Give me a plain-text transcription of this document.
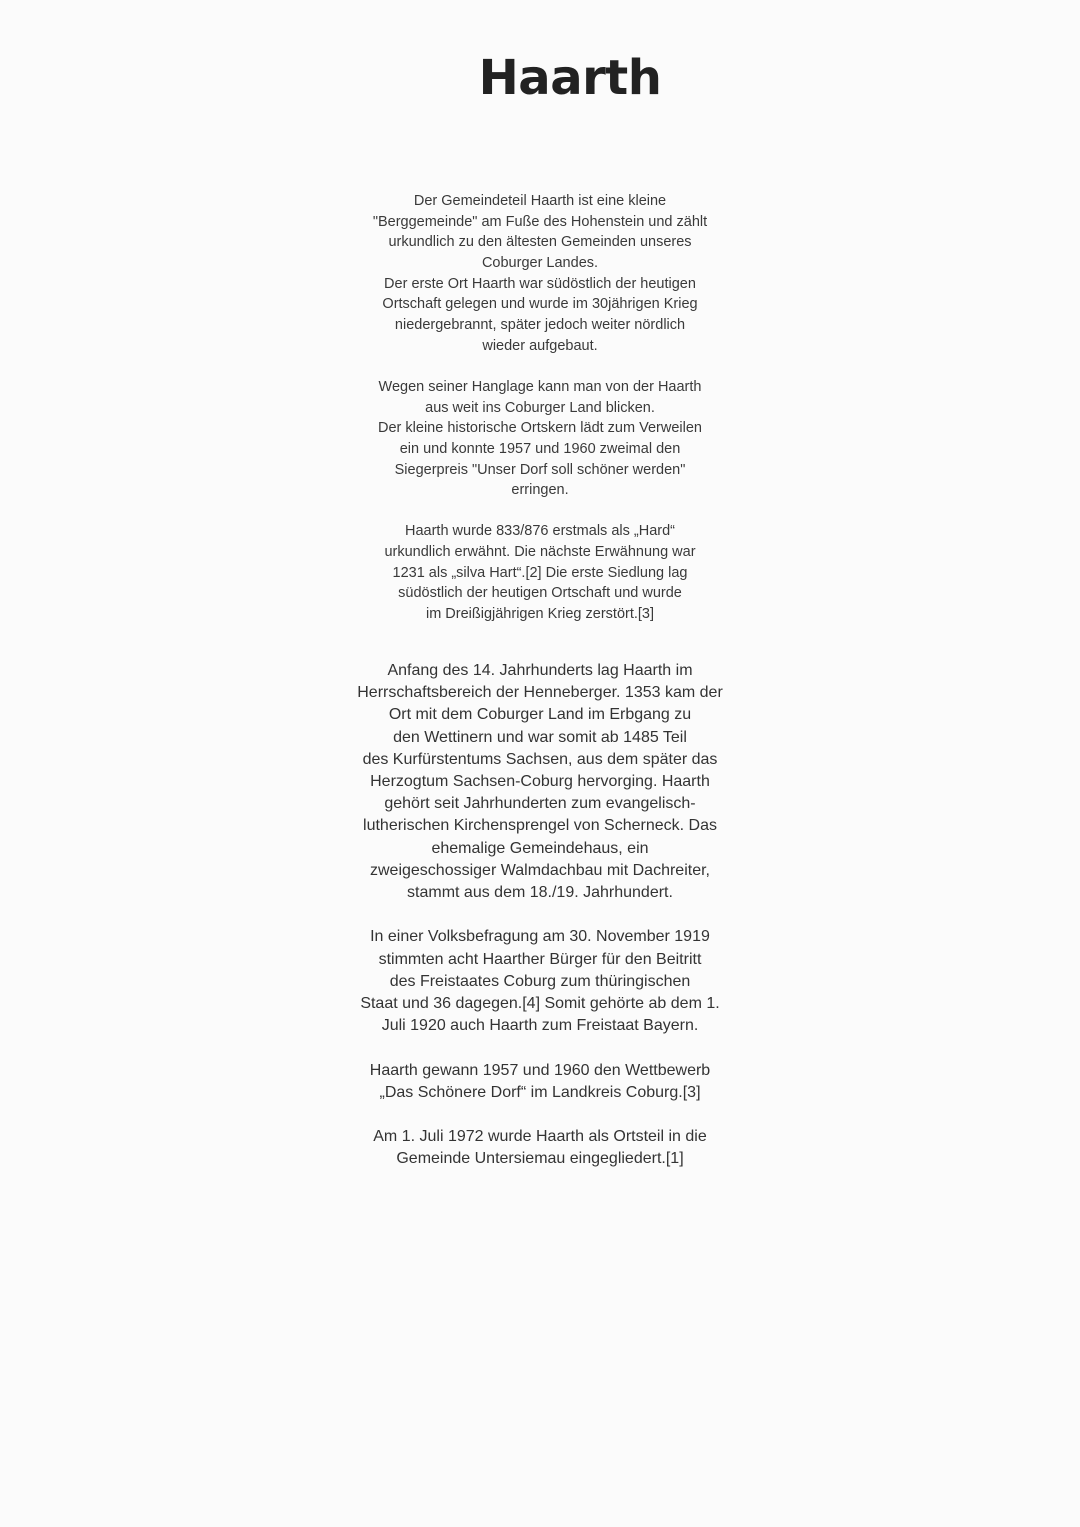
Haarth

Der Gemeindeteil Haarth ist eine kleine
"Berggemeinde" am Fuße des Hohenstein und zählt
urkundlich zu den ältesten Gemeinden unseres
Coburger Landes.
Der erste Ort Haarth war südöstlich der heutigen
Ortschaft gelegen und wurde im 30jährigen Krieg
niedergebrannt, später jedoch weiter nördlich
wieder aufgebaut.

Wegen seiner Hanglage kann man von der Haarth
aus weit ins Coburger Land blicken.
Der kleine historische Ortskern lädt zum Verweilen
ein und konnte 1957 und 1960 zweimal den
Siegerpreis "Unser Dorf soll schöner werden"
erringen.

Haarth wurde 833/876 erstmals als „Hard“
urkundlich erwähnt. Die nächste Erwähnung war
1231 als „silva Hart“.[2] Die erste Siedlung lag
südöstlich der heutigen Ortschaft und wurde
im Dreißigjährigen Krieg zerstört.[3]

Anfang des 14. Jahrhunderts lag Haarth im
Herrschaftsbereich der Henneberger. 1353 kam der
Ort mit dem Coburger Land im Erbgang zu
den Wettinern und war somit ab 1485 Teil
des Kurfürstentums Sachsen, aus dem später das
Herzogtum Sachsen-Coburg hervorging. Haarth
gehört seit Jahrhunderten zum evangelisch-
lutherischen Kirchensprengel von Scherneck. Das
ehemalige Gemeindehaus, ein
zweigeschossiger Walmdachbau mit Dachreiter,
stammt aus dem 18./19. Jahrhundert.

In einer Volksbefragung am 30. November 1919
stimmten acht Haarther Bürger für den Beitritt
des Freistaates Coburg zum thüringischen
Staat und 36 dagegen.[4] Somit gehörte ab dem 1.
Juli 1920 auch Haarth zum Freistaat Bayern.

Haarth gewann 1957 und 1960 den Wettbewerb
„Das Schönere Dorf“ im Landkreis Coburg.[3]

Am 1. Juli 1972 wurde Haarth als Ortsteil in die
Gemeinde Untersiemau eingegliedert.[1]
